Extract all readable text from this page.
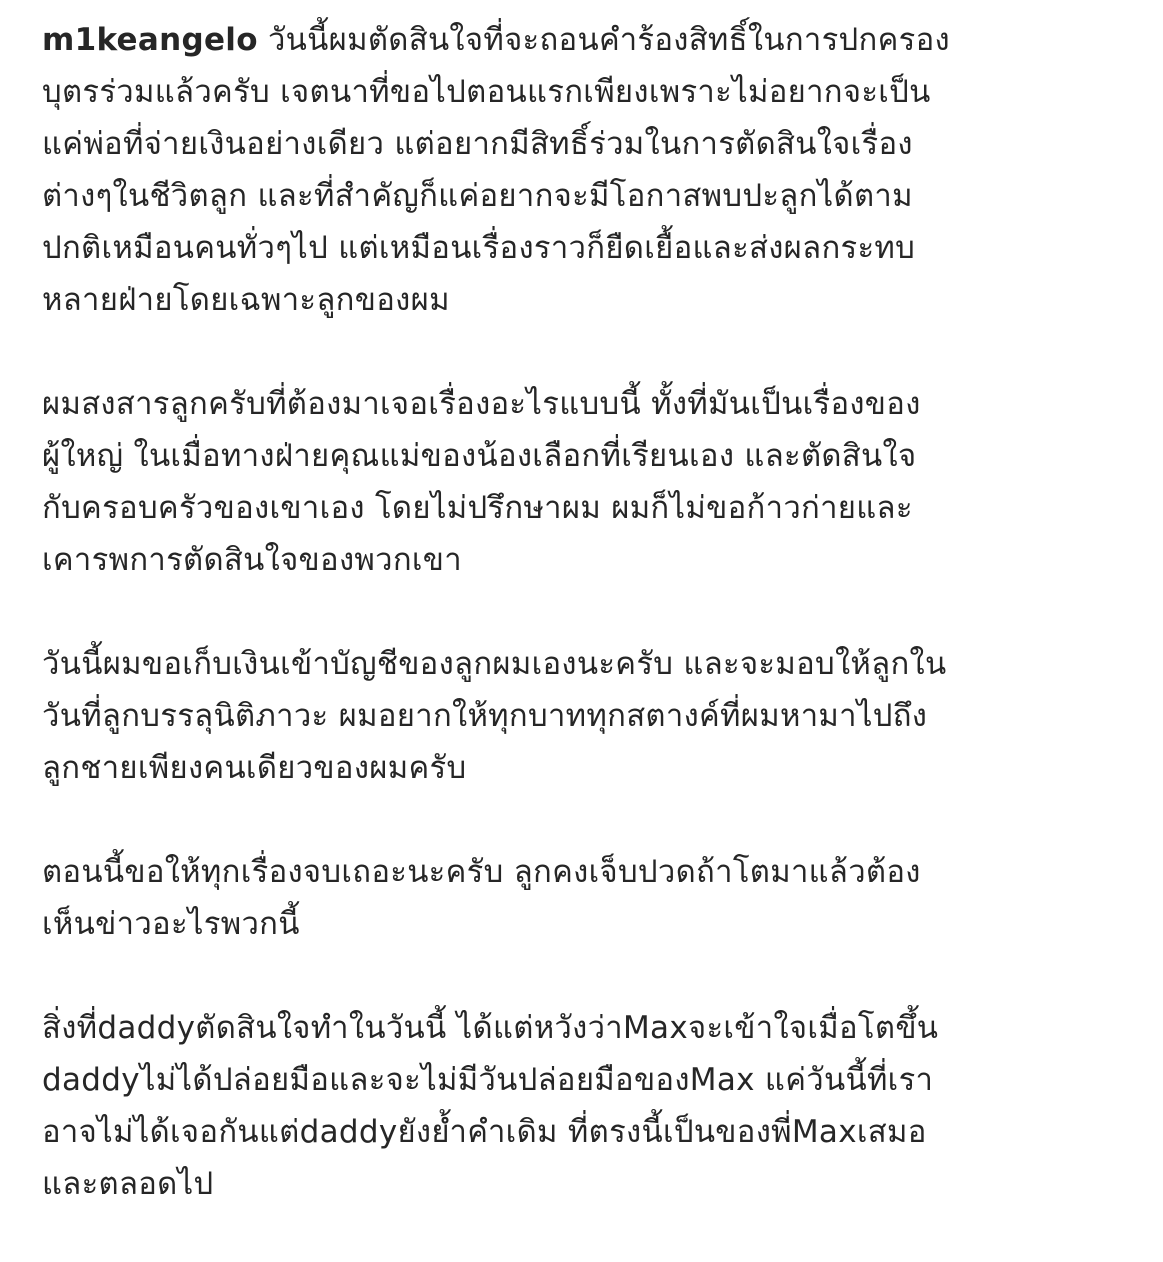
m1keangelo วันนี้ผมตัดสินใจที่จะถอนคำร้องสิทธิ์ในการปกครอง
บุตรร่วมแล้วครับ เจตนาที่ขอไปตอนแรกเพียงเพราะไม่อยากจะเป็น
แค่พ่อที่จ่ายเงินอย่างเดียว แต่อยากมีสิทธิ์ร่วมในการตัดสินใจเรื่อง
ต่างๆในชีวิตลูก และที่สำคัญก็แค่อยากจะมีโอกาสพบปะลูกได้ตาม
ปกติเหมือนคนทั่วๆไป แต่เหมือนเรื่องราวก็ยืดเยื้อและส่งผลกระทบ
หลายฝ่ายโดยเฉพาะลูกของผม
ผมสงสารลูกครับที่ต้องมาเจอเรื่องอะไรแบบนี้ ทั้งที่มันเป็นเรื่องของ
ผู้ใหญ่ ในเมื่อทางฝ่ายคุณแม่ของน้องเลือกที่เรียนเอง และตัดสินใจ
กับครอบครัวของเขาเอง โดยไม่ปรึกษาผม ผมก็ไม่ขอก้าวก่ายและ
เคารพการตัดสินใจของพวกเขา
วันนี้ผมขอเก็บเงินเข้าบัญชีของลูกผมเองนะครับ และจะมอบให้ลูกใน
วันที่ลูกบรรลุนิติภาวะ ผมอยากให้ทุกบาททุกสตางค์ที่ผมหามาไปถึง
ลูกชายเพียงคนเดียวของผมครับ
ตอนนี้ขอให้ทุกเรื่องจบเถอะนะครับ ลูกคงเจ็บปวดถ้าโตมาแล้วต้อง
เห็นข่าวอะไรพวกนี้
สิ่งที่daddyตัดสินใจทำในวันนี้ ได้แต่หวังว่าMaxจะเข้าใจเมื่อโตขึ้น
daddyไม่ได้ปล่อยมือและจะไม่มีวันปล่อยมือของMax แค่วันนี้ที่เรา
อาจไม่ได้เจอกันแต่daddyยังย้ำคำเดิม ที่ตรงนี้เป็นของพี่Maxเสมอ
และตลอดไป
